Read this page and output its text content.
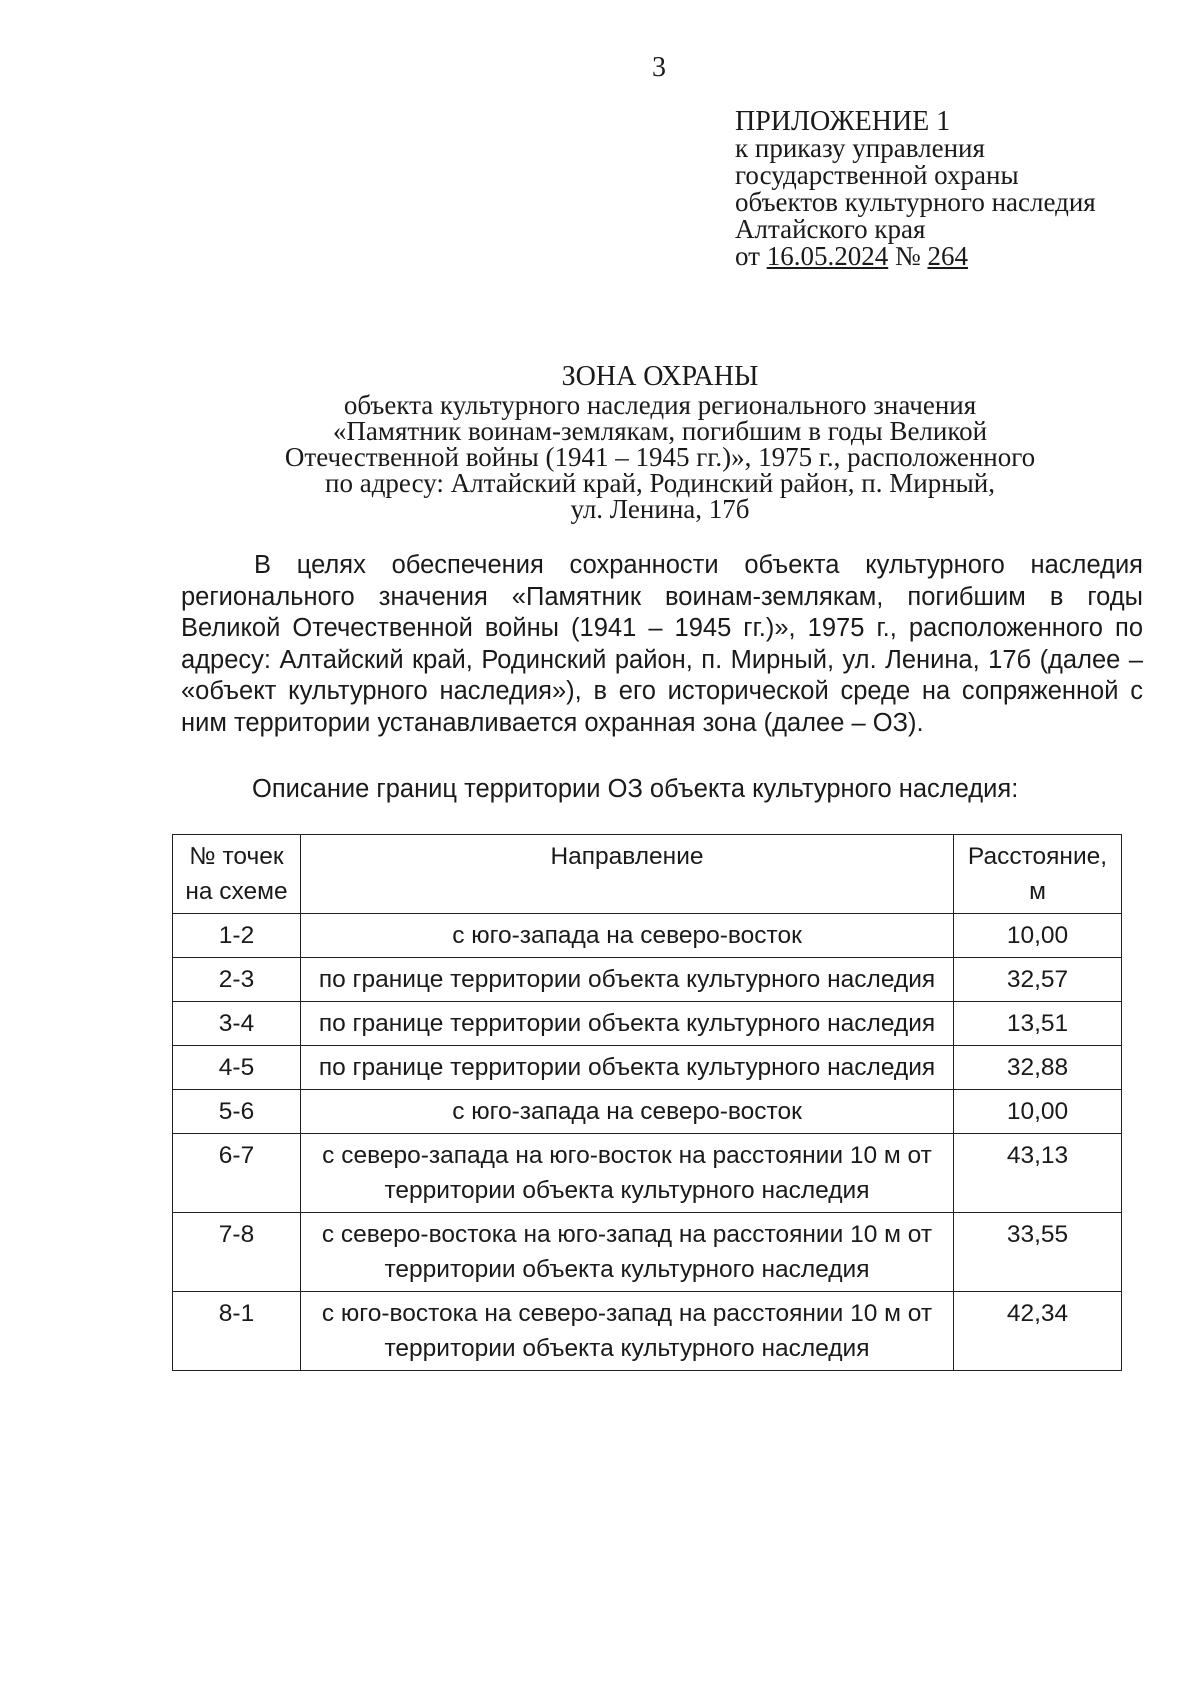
3
ПРИЛОЖЕНИЕ 1
к приказу управления
государственной охраны
объектов культурного наследия
Алтайского края
от 16.05.2024 № 264
ЗОНА ОХРАНЫ
объекта культурного наследия регионального значения
«Памятник воинам-землякам, погибшим в годы Великой
Отечественной войны (1941 – 1945 гг.)», 1975 г., расположенного
по адресу: Алтайский край, Родинский район, п. Мирный,
ул. Ленина, 17б
В целях обеспечения сохранности объекта культурного наследия регионального значения «Памятник воинам-землякам, погибшим в годы Великой Отечественной войны (1941 – 1945 гг.)», 1975 г., расположенного по адресу: Алтайский край, Родинский район, п. Мирный, ул. Ленина, 17б (далее – «объект культурного наследия»), в его исторической среде на сопряженной с ним территории устанавливается охранная зона (далее – ОЗ).
Описание границ территории ОЗ объекта культурного наследия:
№ точек на схеме	Направление	Расстояние, м
1-2	с юго-запада на северо-восток	10,00
2-3	по границе территории объекта культурного наследия	32,57
3-4	по границе территории объекта культурного наследия	13,51
4-5	по границе территории объекта культурного наследия	32,88
5-6	с юго-запада на северо-восток	10,00
6-7	с северо-запада на юго-восток на расстоянии 10 м от территории объекта культурного наследия	43,13
7-8	с северо-востока на юго-запад на расстоянии 10 м от территории объекта культурного наследия	33,55
8-1	с юго-востока на северо-запад на расстоянии 10 м от территории объекта культурного наследия	42,34
